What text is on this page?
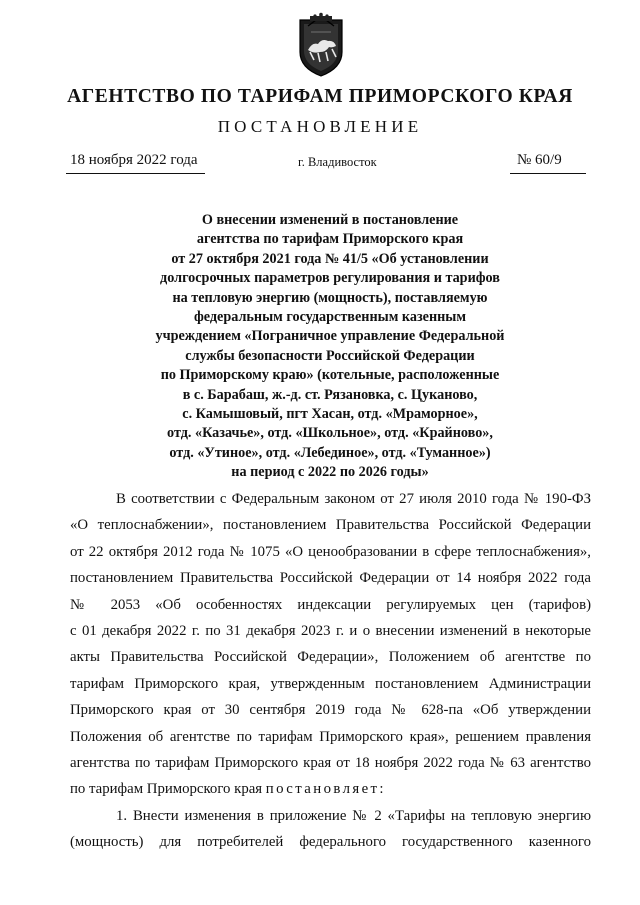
АГЕНТСТВО ПО ТАРИФАМ ПРИМОРСКОГО КРАЯ
ПОСТАНОВЛЕНИЕ
18 ноября 2022 года	г. Владивосток	№ 60/9
О внесении изменений в постановление
агентства по тарифам Приморского края
от 27 октября 2021 года № 41/5 «Об установлении
долгосрочных параметров регулирования и тарифов
на тепловую энергию (мощность), поставляемую
федеральным государственным казенным
учреждением «Пограничное управление Федеральной
службы безопасности Российской Федерации
по Приморскому краю» (котельные, расположенные
в с. Барабаш, ж.-д. ст. Рязановка, с. Цуканово,
с. Камышовый, пгт Хасан, отд. «Мраморное»,
отд. «Казачье», отд. «Школьное», отд. «Крайново»,
отд. «Утиное», отд. «Лебединое», отд. «Туманное»)
на период с 2022 по 2026 годы»
В соответствии с Федеральным законом от 27 июля 2010 года № 190-ФЗ
«О теплоснабжении», постановлением Правительства Российской Федерации
от 22 октября 2012 года № 1075 «О ценообразовании в сфере теплоснабжения»,
постановлением Правительства Российской Федерации от 14 ноября 2022 года
№ 2053 «Об особенностях индексации регулируемых цен (тарифов)
с 01 декабря 2022 г. по 31 декабря 2023 г. и о внесении изменений в некоторые
акты Правительства Российской Федерации», Положением об агентстве по
тарифам Приморского края, утвержденным постановлением Администрации
Приморского края от 30 сентября 2019 года № 628-па «Об утверждении
Положения об агентстве по тарифам Приморского края», решением правления
агентства по тарифам Приморского края от 18 ноября 2022 года № 63 агентство
по тарифам Приморского края постановляет:
1. Внести изменения в приложение № 2 «Тарифы на тепловую энергию
(мощность) для потребителей федерального государственного казенного
